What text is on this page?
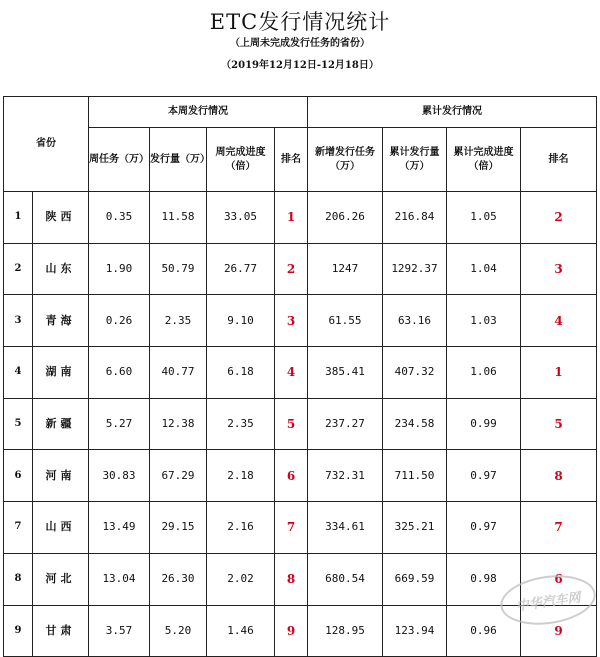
ETC发行情况统计
（上周未完成发行任务的省份）
（2019年12月12日-12月18日）
省份		本周发行情况				累计发行情况			
		周任务（万）	发行量（万）	周完成进度（倍）	排名	新增发行任务（万）	累计发行量（万）	累计完成进度（倍）	排名
1	陕西	0.35	11.58	33.05	1	206.26	216.84	1.05	2
2	山东	1.90	50.79	26.77	2	1247	1292.37	1.04	3
3	青海	0.26	2.35	9.10	3	61.55	63.16	1.03	4
4	湖南	6.60	40.77	6.18	4	385.41	407.32	1.06	1
5	新疆	5.27	12.38	2.35	5	237.27	234.58	0.99	5
6	河南	30.83	67.29	2.18	6	732.31	711.50	0.97	8
7	山西	13.49	29.15	2.16	7	334.61	325.21	0.97	7
8	河北	13.04	26.30	2.02	8	680.54	669.59	0.98	6
9	甘肃	3.57	5.20	1.46	9	128.95	123.94	0.96	9
中华汽车网
